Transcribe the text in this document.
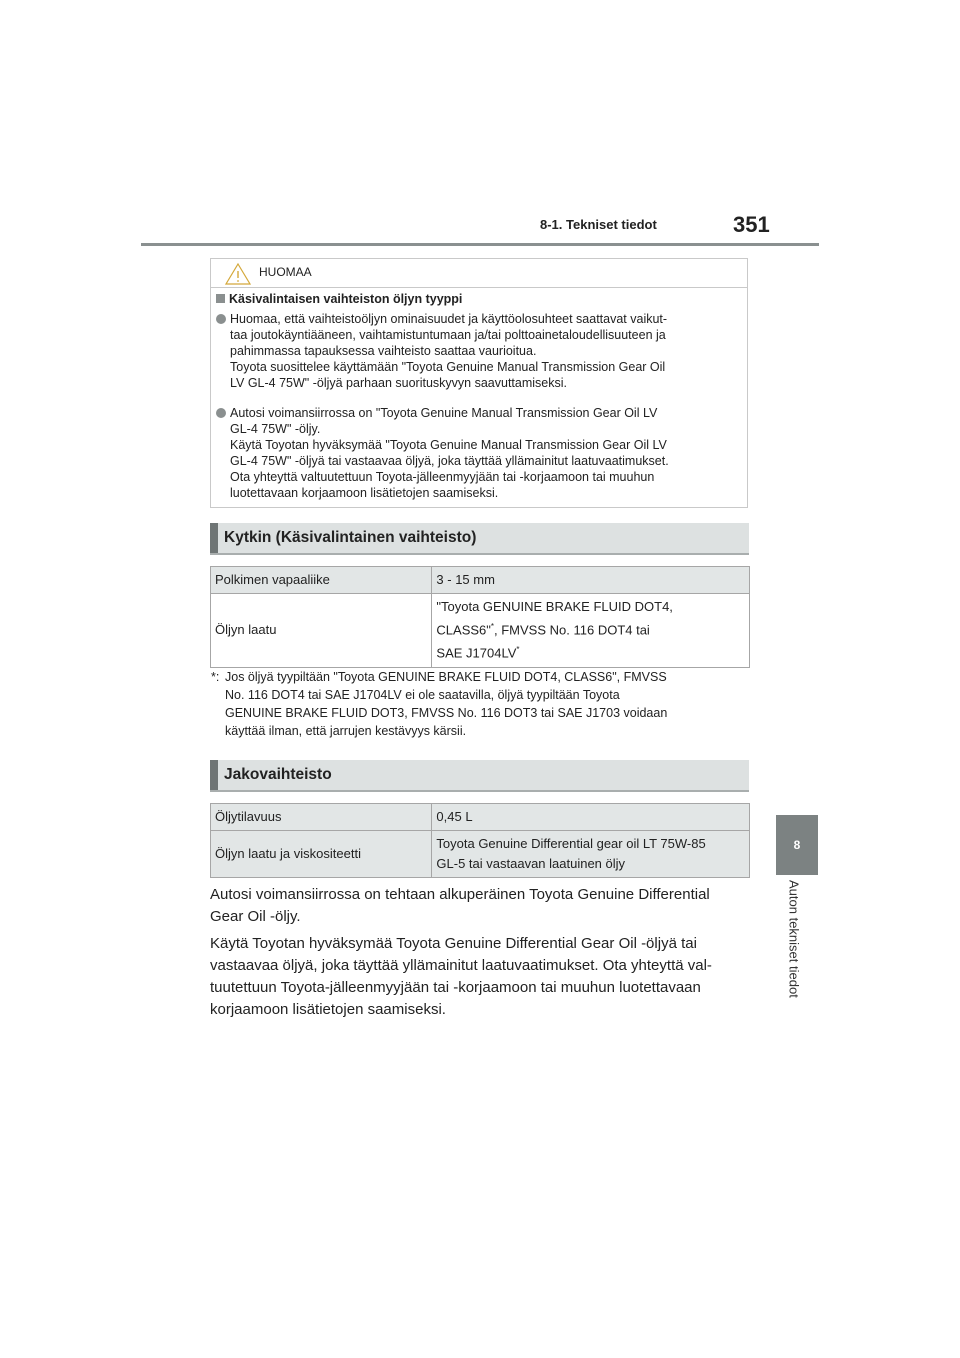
8-1. Tekniset tiedot	351
8
Auton tekniset tiedot
HUOMAA
Käsivalintaisen vaihteiston öljyn tyyppi

Huomaa, että vaihteistoöljyn ominaisuudet ja käyttöolosuhteet saattavat vaikut-
taa joutokäyntiääneen, vaihtamistuntumaan ja/tai polttoainetaloudellisuuteen ja
pahimmassa tapauksessa vaihteisto saattaa vaurioitua.
Toyota suosittelee käyttämään "Toyota Genuine Manual Transmission Gear Oil
LV GL-4 75W" -öljyä parhaan suorituskyvyn saavuttamiseksi.

Autosi voimansiirrossa on "Toyota Genuine Manual Transmission Gear Oil LV
GL-4 75W" -öljy.
Käytä Toyotan hyväksymää "Toyota Genuine Manual Transmission Gear Oil LV
GL-4 75W" -öljyä tai vastaavaa öljyä, joka täyttää yllämainitut laatuvaatimukset.
Ota yhteyttä valtuutettuun Toyota-jälleenmyyjään tai -korjaamoon tai muuhun
luotettavaan korjaamoon lisätietojen saamiseksi.

Kytkin (Käsivalintainen vaihteisto)
Polkimen vapaaliike	3 - 15 mm
Öljyn laatu	"Toyota GENUINE BRAKE FLUID DOT4,
CLASS6"*, FMVSS No. 116 DOT4 tai
SAE J1704LV*
*: Jos öljyä tyypiltään "Toyota GENUINE BRAKE FLUID DOT4, CLASS6", FMVSS
No. 116 DOT4 tai SAE J1704LV ei ole saatavilla, öljyä tyypiltään Toyota
GENUINE BRAKE FLUID DOT3, FMVSS No. 116 DOT3 tai SAE J1703 voidaan
käyttää ilman, että jarrujen kestävyys kärsii.

Jakovaihteisto
Öljytilavuus	0,45 L
Öljyn laatu ja viskositeetti	Toyota Genuine Differential gear oil LT 75W-85
GL-5 tai vastaavan laatuinen öljy

Autosi voimansiirrossa on tehtaan alkuperäinen Toyota Genuine Differential
Gear Oil -öljy.

Käytä Toyotan hyväksymää Toyota Genuine Differential Gear Oil -öljyä tai
vastaavaa öljyä, joka täyttää yllämainitut laatuvaatimukset. Ota yhteyttä val-
tuutettuun Toyota-jälleenmyyjään tai -korjaamoon tai muuhun luotettavaan
korjaamoon lisätietojen saamiseksi.
